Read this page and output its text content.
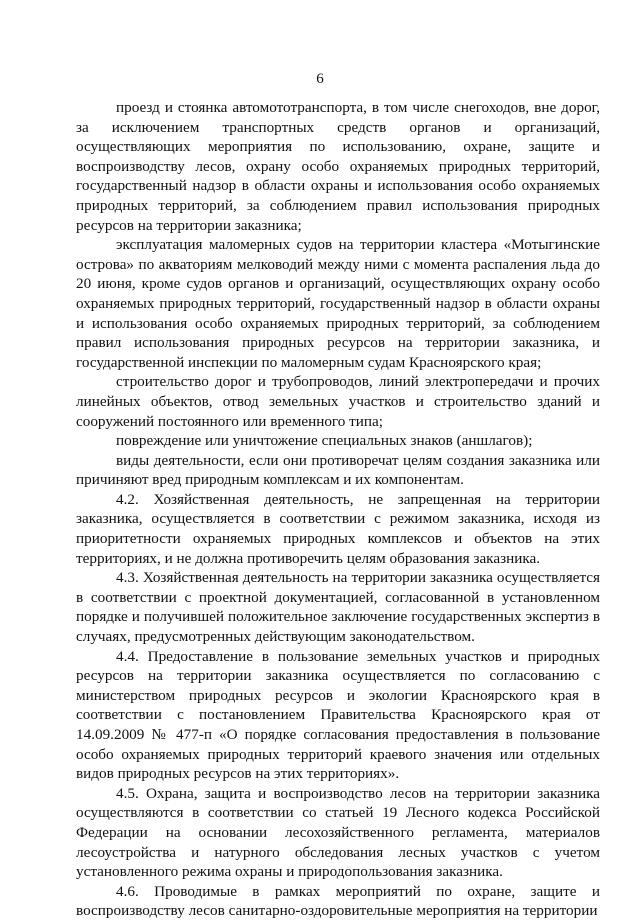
6

проезд и стоянка автомототранспорта, в том числе снегоходов, вне дорог, за исключением транспортных средств органов и организаций, осуществляющих мероприятия по использованию, охране, защите и воспроизводству лесов, охрану особо охраняемых природных территорий, государственный надзор в области охраны и использования особо охраняемых природных территорий, за соблюдением правил использования природных ресурсов на территории заказника;

эксплуатация маломерных судов на территории кластера «Мотыгинские острова» по акваториям мелководий между ними с момента распаления льда до 20 июня, кроме судов органов и организаций, осуществляющих охрану особо охраняемых природных территорий, государственный надзор в области охраны и использования особо охраняемых природных территорий, за соблюдением правил использования природных ресурсов на территории заказника, и государственной инспекции по маломерным судам Красноярского края;

строительство дорог и трубопроводов, линий электропередачи и прочих линейных объектов, отвод земельных участков и строительство зданий и сооружений постоянного или временного типа;

повреждение или уничтожение специальных знаков (аншлагов);

виды деятельности, если они противоречат целям создания заказника или причиняют вред природным комплексам и их компонентам.

4.2. Хозяйственная деятельность, не запрещенная на территории заказника, осуществляется в соответствии с режимом заказника, исходя из приоритетности охраняемых природных комплексов и объектов на этих территориях, и не должна противоречить целям образования заказника.

4.3. Хозяйственная деятельность на территории заказника осуществляется в соответствии с проектной документацией, согласованной в установленном порядке и получившей положительное заключение государственных экспертиз в случаях, предусмотренных действующим законодательством.

4.4. Предоставление в пользование земельных участков и природных ресурсов на территории заказника осуществляется по согласованию с министерством природных ресурсов и экологии Красноярского края в соответствии с постановлением Правительства Красноярского края от 14.09.2009 № 477-п «О порядке согласования предоставления в пользование особо охраняемых природных территорий краевого значения или отдельных видов природных ресурсов на этих территориях».

4.5. Охрана, защита и воспроизводство лесов на территории заказника осуществляются в соответствии со статьей 19 Лесного кодекса Российской Федерации на основании лесохозяйственного регламента, материалов лесоустройства и натурного обследования лесных участков с учетом установленного режима охраны и природопользования заказника.

4.6. Проводимые в рамках мероприятий по охране, защите и воспроизводству лесов санитарно-оздоровительные мероприятия на территории
